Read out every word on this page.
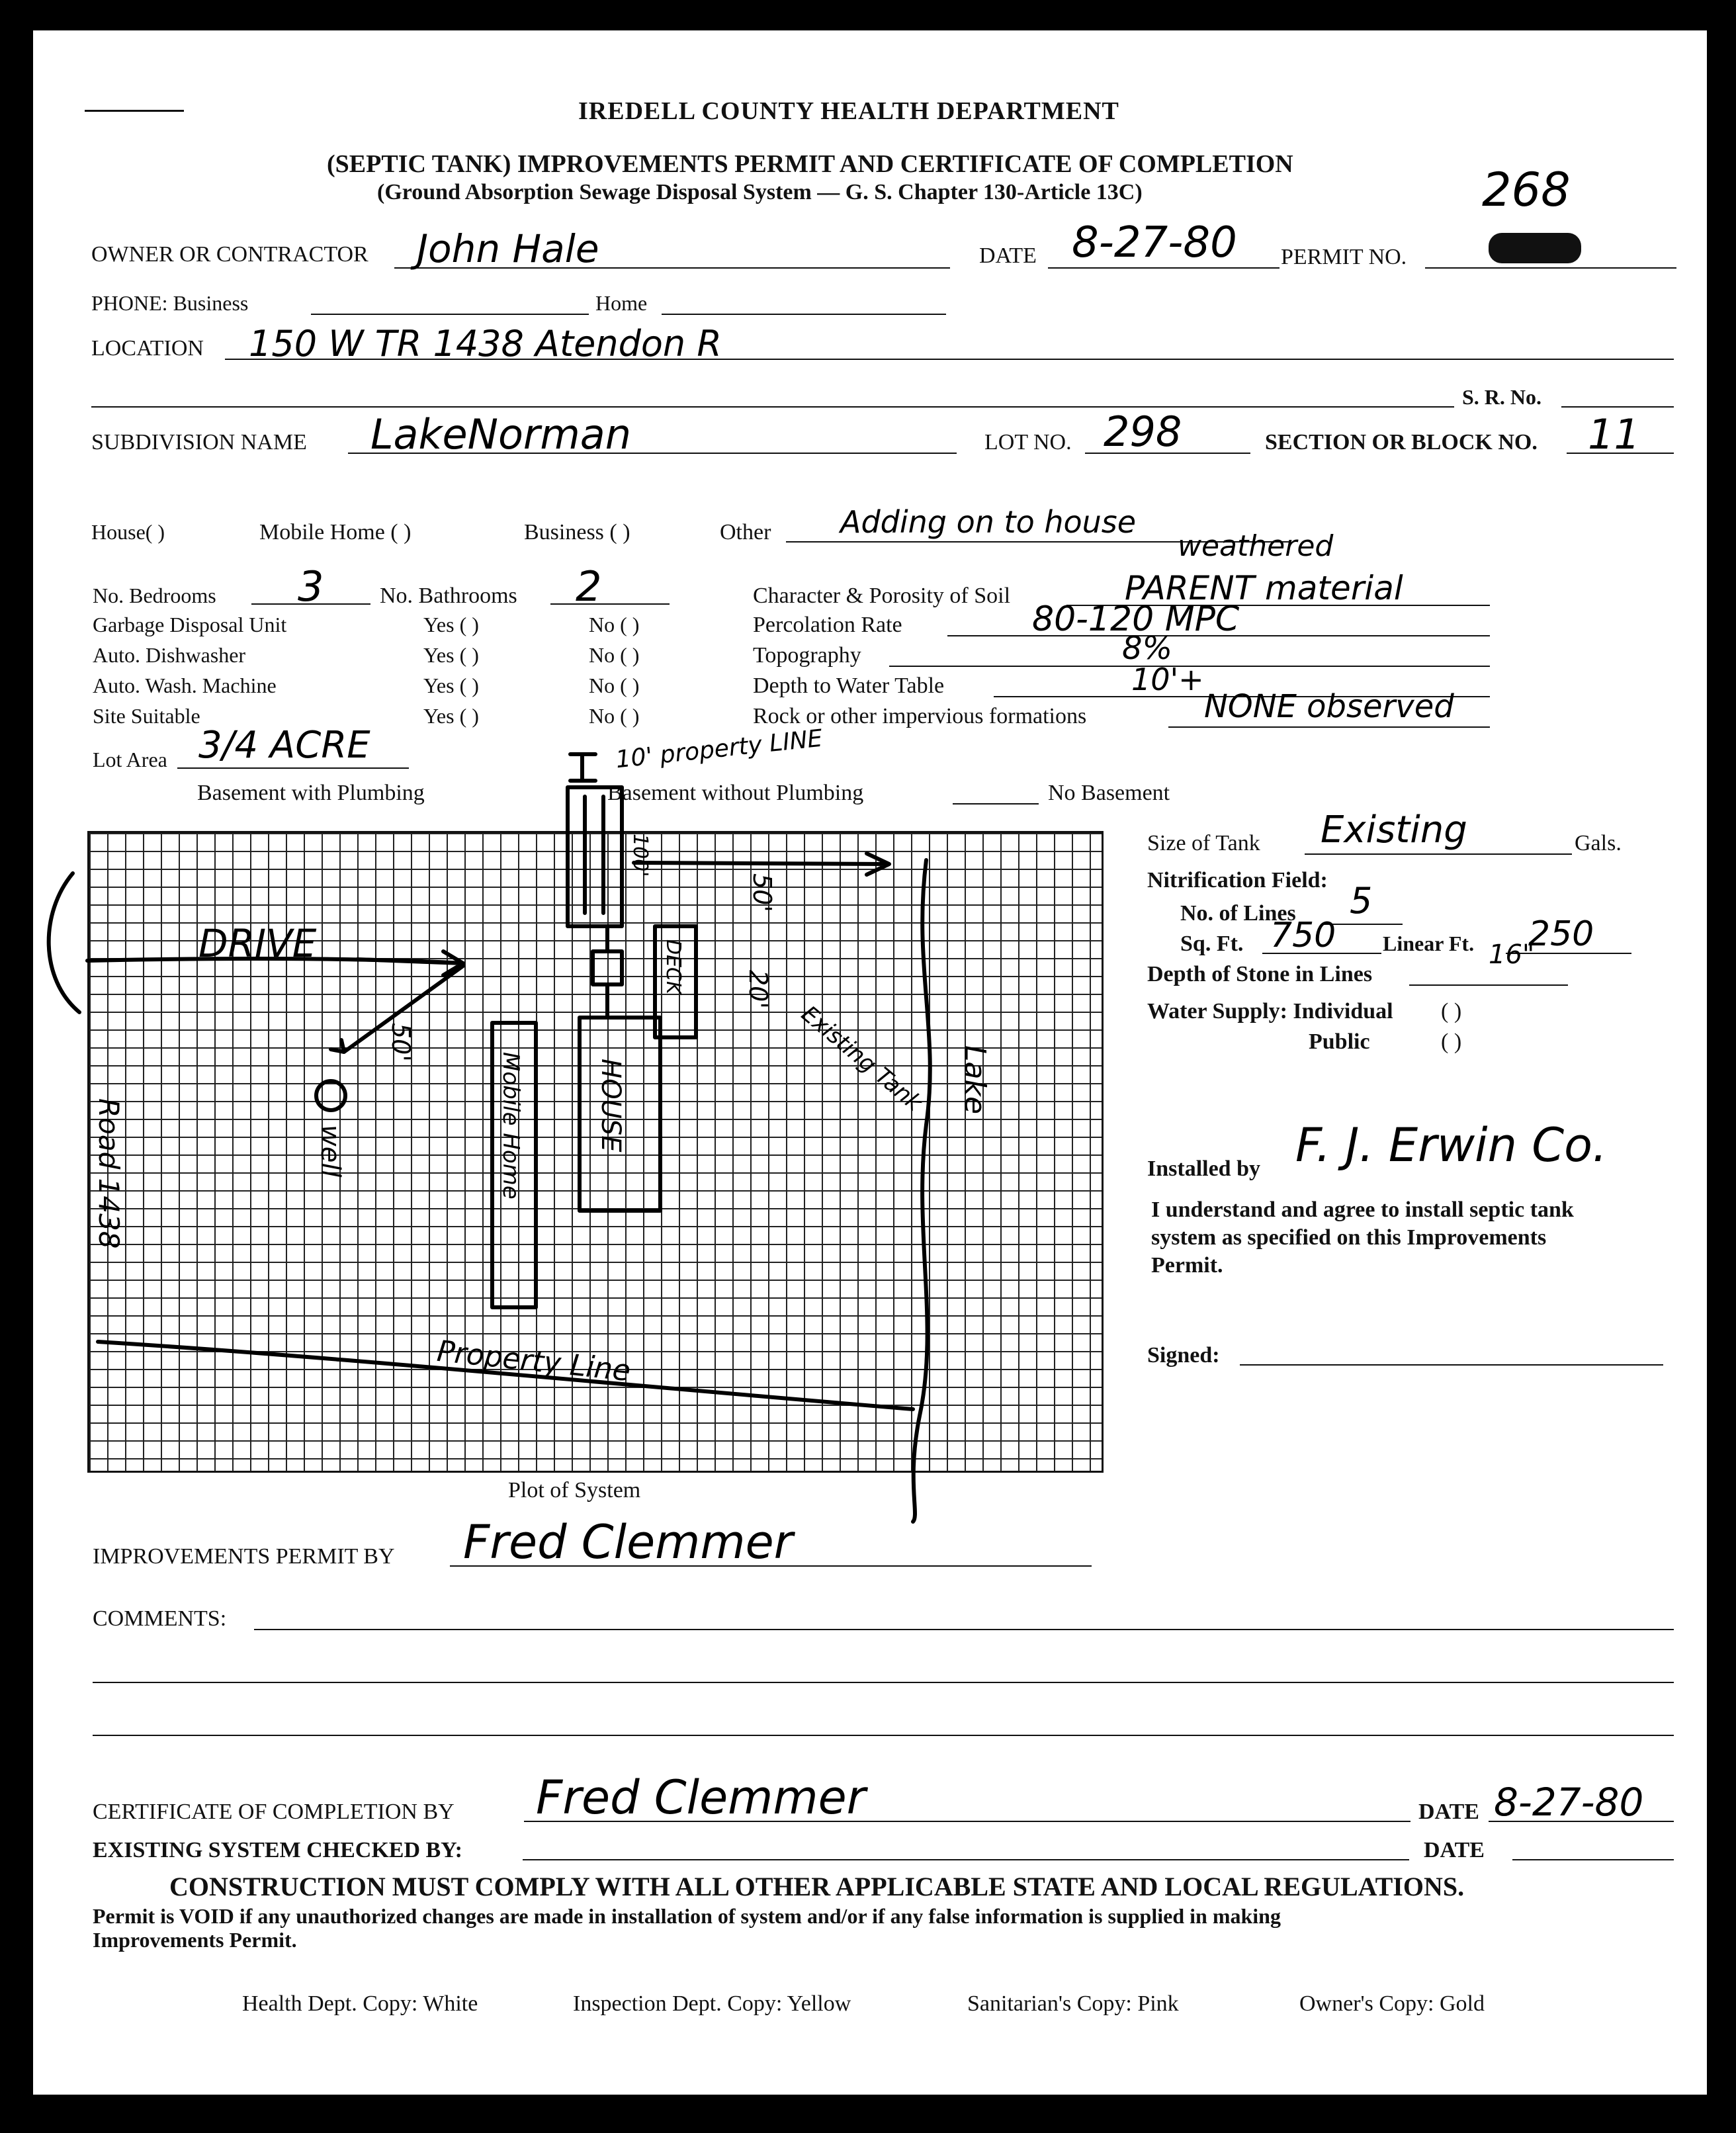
IREDELL COUNTY HEALTH DEPARTMENT
(SEPTIC TANK) IMPROVEMENTS PERMIT AND CERTIFICATE OF COMPLETION
(Ground Absorption Sewage Disposal System — G. S. Chapter 130-Article 13C)	268
OWNER OR CONTRACTOR John Hale	DATE 8-27-80 PERMIT NO.
PHONE: Business	Home
LOCATION 150 W TR 1438 Atendon R
S. R. No.
SUBDIVISION NAME LakeNorman	LOT NO. 298	SECTION OR BLOCK NO. 11
House( )	Mobile Home ( )	Business ( )	Other Adding on to house
No. Bedrooms 3 No. Bathrooms 2
Garbage Disposal Unit	Yes ( )	No ( )
Auto. Dishwasher	Yes ( )	No ( )
Auto. Wash. Machine	Yes ( )	No ( )
Site Suitable	Yes ( )	No ( )
Lot Area 3/4 ACRE
Character & Porosity of Soil	PARENT material
weathered
Percolation Rate	80-120 MPC
Topography	8%
Depth to Water Table	10'+
Rock or other impervious formations	NONE observed
Basement with Plumbing	Basement without Plumbing	No Basement
10' property LINE
Size of Tank Existing	Gals.
Nitrification Field:
No. of Lines 5
Sq. Ft. 750 Linear Ft. 250
Depth of Stone in Lines
16"
Water Supply: Individual ( )
Public	( )
Installed by F. J. Erwin Co.
I understand and agree to install septic tank
system as specified on this Improvements
Permit.
Signed:
DRIVE
HOUSE
Mobile Home
DECK
well
Road 1438
Lake
Property Line
Existing Tank
50'
50'
20'
100'
Plot of System
IMPROVEMENTS PERMIT BY Fred Clemmer
COMMENTS:
CERTIFICATE OF COMPLETION BY Fred Clemmer	DATE 8-27-80
EXISTING SYSTEM CHECKED BY:	DATE
CONSTRUCTION MUST COMPLY WITH ALL OTHER APPLICABLE STATE AND LOCAL REGULATIONS.
Permit is VOID if any unauthorized changes are made in installation of system and/or if any false information is supplied in making
Improvements Permit.
Health Dept. Copy: White	Inspection Dept. Copy: Yellow	Sanitarian's Copy: Pink	Owner's Copy: Gold
